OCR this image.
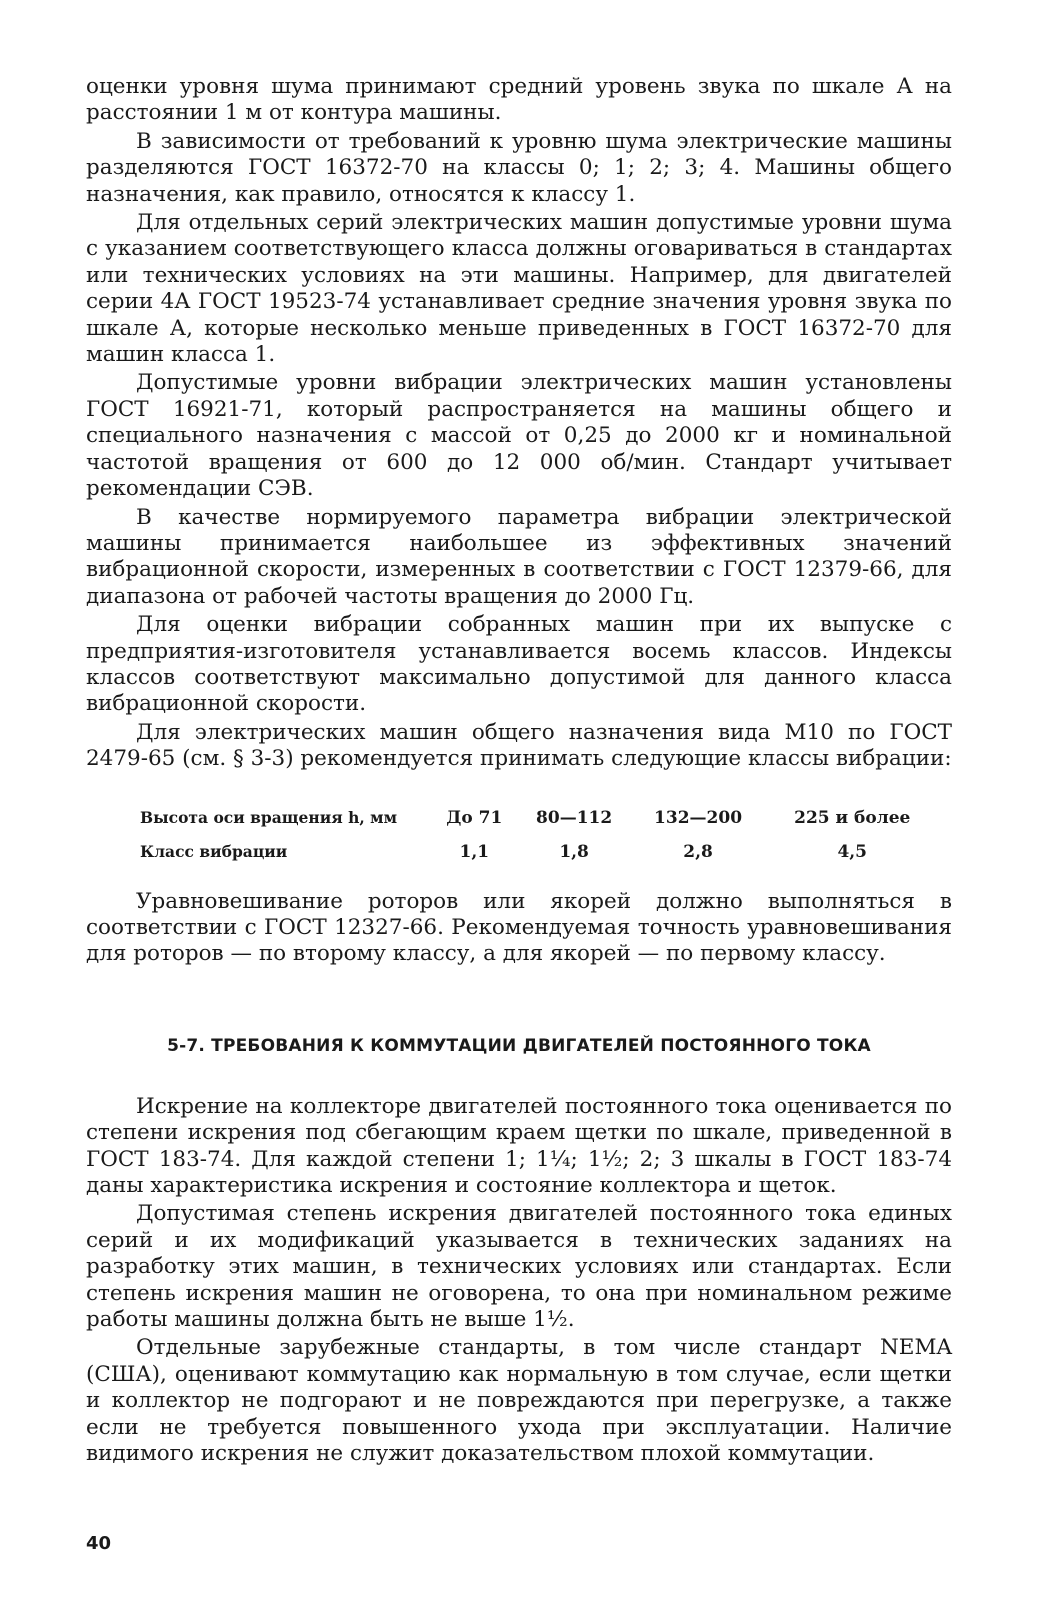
оценки уровня шума принимают средний уровень звука по шкале А на расстоянии 1 м от контура машины.

В зависимости от требований к уровню шума электрические машины разделяются ГОСТ 16372-70 на классы 0; 1; 2; 3; 4. Машины общего назначения, как правило, относятся к классу 1.

Для отдельных серий электрических машин допустимые уровни шума с указанием соответствующего класса должны оговариваться в стандартах или технических условиях на эти машины. Например, для двигателей серии 4А ГОСТ 19523-74 устанавливает средние значения уровня звука по шкале А, которые несколько меньше приведенных в ГОСТ 16372-70 для машин класса 1.

Допустимые уровни вибрации электрических машин установлены ГОСТ 16921-71, который распространяется на машины общего и специального назначения с массой от 0,25 до 2000 кг и номинальной частотой вращения от 600 до 12 000 об/мин. Стандарт учитывает рекомендации СЭВ.

В качестве нормируемого параметра вибрации электрической машины принимается наибольшее из эффективных значений вибрационной скорости, измеренных в соответствии с ГОСТ 12379-66, для диапазона от рабочей частоты вращения до 2000 Гц.

Для оценки вибрации собранных машин при их выпуске с предприятия-изготовителя устанавливается восемь классов. Индексы классов соответствуют максимально допустимой для данного класса вибрационной скорости.

Для электрических машин общего назначения вида М10 по ГОСТ 2479-65 (см. § 3-3) рекомендуется принимать следующие классы вибрации:

Высота оси вращения h, мм	До 71	80—112	132—200	225 и более
Класс вибрации	1,1	1,8	2,8	4,5

Уравновешивание роторов или якорей должно выполняться в соответствии с ГОСТ 12327-66. Рекомендуемая точность уравновешивания для роторов — по второму классу, а для якорей — по первому классу.

5-7. ТРЕБОВАНИЯ К КОММУТАЦИИ ДВИГАТЕЛЕЙ ПОСТОЯННОГО ТОКА

Искрение на коллекторе двигателей постоянного тока оценивается по степени искрения под сбегающим краем щетки по шкале, приведенной в ГОСТ 183-74. Для каждой степени 1; 1¼; 1½; 2; 3 шкалы в ГОСТ 183-74 даны характеристика искрения и состояние коллектора и щеток.

Допустимая степень искрения двигателей постоянного тока единых серий и их модификаций указывается в технических заданиях на разработку этих машин, в технических условиях или стандартах. Если степень искрения машин не оговорена, то она при номинальном режиме работы машины должна быть не выше 1½.

Отдельные зарубежные стандарты, в том числе стандарт NEMA (США), оценивают коммутацию как нормальную в том случае, если щетки и коллектор не подгорают и не повреждаются при перегрузке, а также если не требуется повышенного ухода при эксплуатации. Наличие видимого искрения не служит доказательством плохой коммутации.

40
